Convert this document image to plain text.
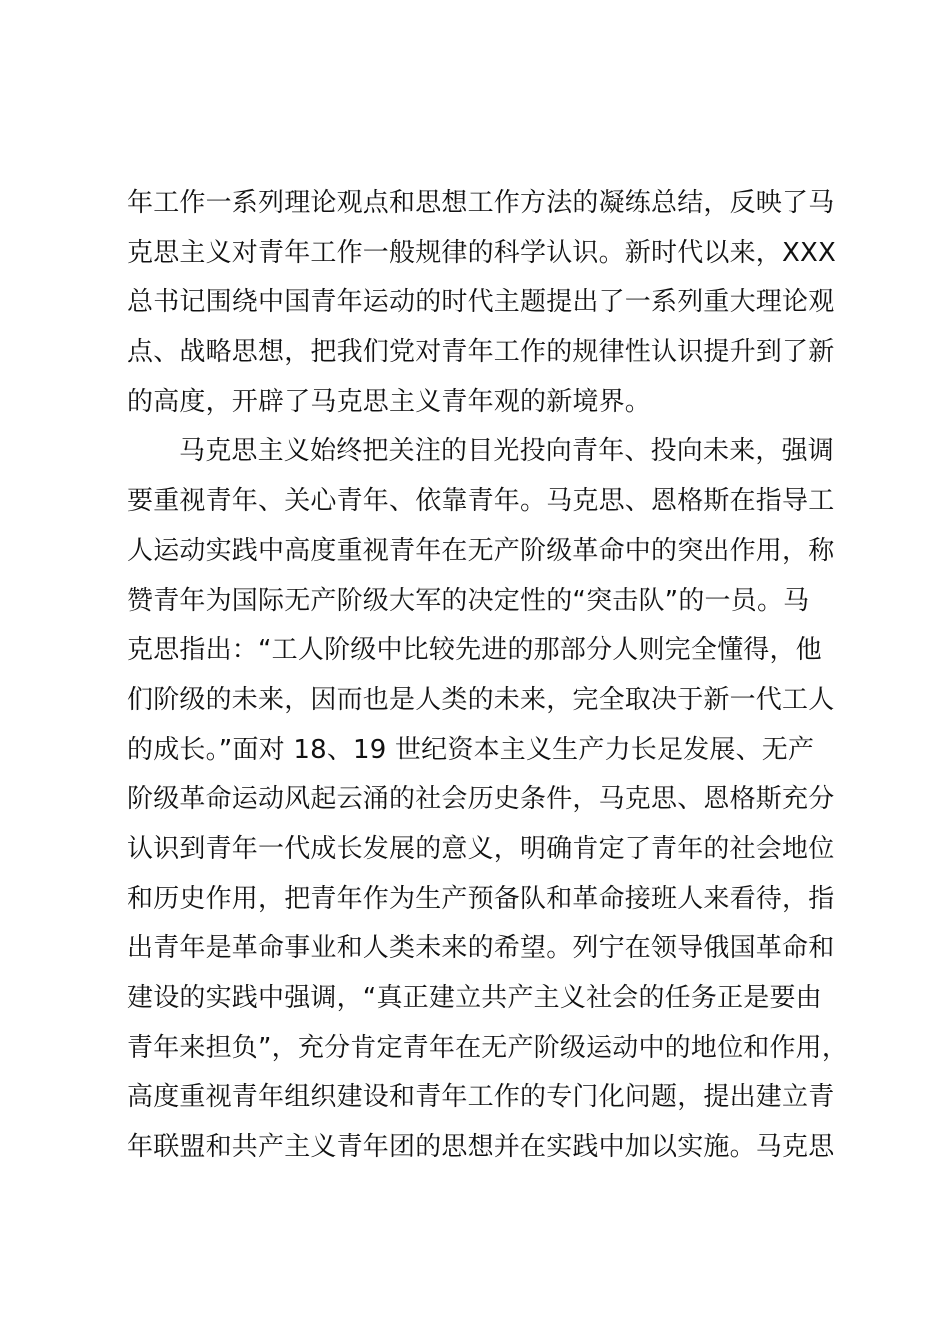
年工作一系列理论观点和思想工作方法的凝练总结，反映了马
克思主义对青年工作一般规律的科学认识。新时代以来，XXX
总书记围绕中国青年运动的时代主题提出了一系列重大理论观
点、战略思想，把我们党对青年工作的规律性认识提升到了新
的高度，开辟了马克思主义青年观的新境界。
马克思主义始终把关注的目光投向青年、投向未来，强调
要重视青年、关心青年、依靠青年。马克思、恩格斯在指导工
人运动实践中高度重视青年在无产阶级革命中的突出作用，称
赞青年为国际无产阶级大军的决定性的“突击队”的一员。马
克思指出：“工人阶级中比较先进的那部分人则完全懂得，他
们阶级的未来，因而也是人类的未来，完全取决于新一代工人
的成长。”面对 18、19 世纪资本主义生产力长足发展、无产
阶级革命运动风起云涌的社会历史条件，马克思、恩格斯充分
认识到青年一代成长发展的意义，明确肯定了青年的社会地位
和历史作用，把青年作为生产预备队和革命接班人来看待，指
出青年是革命事业和人类未来的希望。列宁在领导俄国革命和
建设的实践中强调，“真正建立共产主义社会的任务正是要由
青年来担负”，充分肯定青年在无产阶级运动中的地位和作用，
高度重视青年组织建设和青年工作的专门化问题，提出建立青
年联盟和共产主义青年团的思想并在实践中加以实施。马克思
